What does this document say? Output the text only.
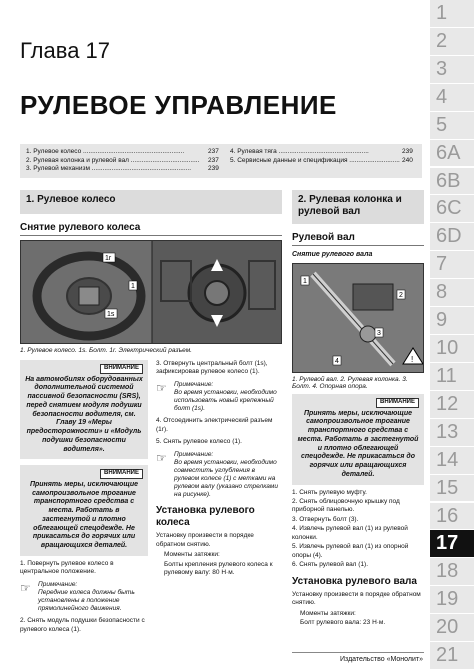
Глава 17
РУЛЕВОЕ УПРАВЛЕНИЕ
1. Рулевое колесо ........................................................	237
2. Рулевая колонка и рулевой вал ......................................	237
3. Рулевой механизм .......................................................	239
4. Рулевая тяга ..................................................	239
5. Сервисные данные и спецификация ............................ 240
1. Рулевое колесо
Снятие рулевого колеса
1s
1r
1
1. Рулевое колесо. 1s. Болт. 1r. Электрический разъем.
ВНИМАНИЕ
На автомобилях оборудованных дополнительной системой пассивной безопасности (SRS), перед снятием модуля подушки безопасности водителя, см. Главу 19 «Меры предосторожности» и «Модуль подушки безопасности водителя».
ВНИМАНИЕ
Принять меры, исключающие самопроизвольное трогание транспортного средства с места. Работать в застегнутой и плотно облегающей спецодежде. Не прикасаться до горячих или вращающихся деталей.
1. Повернуть рулевое колесо в центральное положение.
☞ Примечание:
Передние колеса должны быть установлены в положение прямолинейного движения.
2. Снять модуль подушки безопасности с рулевого колеса (1).
3. Отвернуть центральный болт (1s), зафиксировав рулевое колесо (1).
☞ Примечание:
Во время установки, необходимо использовать новый крепежный болт (1s).
4. Отсоединить электрический разъем (1r).
5. Снять рулевое колесо (1).
☞ Примечание:
Во время установки, необходимо совместить углубления в рулевом колесе (1) с метками на рулевом валу (указано стрелками на рисунке).
Установка рулевого колеса
Установку произвести в порядке обратном снятию.
Моменты затяжки:
Болты крепления рулевого колеса к рулевому валу: 80 Н·м.
2. Рулевая колонка и рулевой вал
Рулевой вал
Снятие рулевого вала
!
1
2
3
4
1. Рулевой вал. 2. Рулевая колонка. 3. Болт. 4. Опорная опора.
ВНИМАНИЕ
Принять меры, исключающие самопроизвольное трогание транспортного средства с места. Работать в застегнутой и плотно облегающей спецодежде. Не прикасаться до горячих или вращающихся деталей.
1. Снять рулевую муфту.
2. Снять облицовочную крышку под приборной панелью.
3. Отвернуть болт (3).
4. Извлечь рулевой вал (1) из рулевой колонки.
5. Извлечь рулевой вал (1) из опорной опоры (4).
6. Снять рулевой вал (1).
Установка рулевого вала
Установку произвести в порядке обратном снятию.
Моменты затяжки:
Болт рулевого вала: 23 Н·м.
Издательство «Монолит»
1
2
3
4
5
6A
6B
6C
6D
7
8
9
10
11
12
13
14
15
16
17
18
19
20
21
